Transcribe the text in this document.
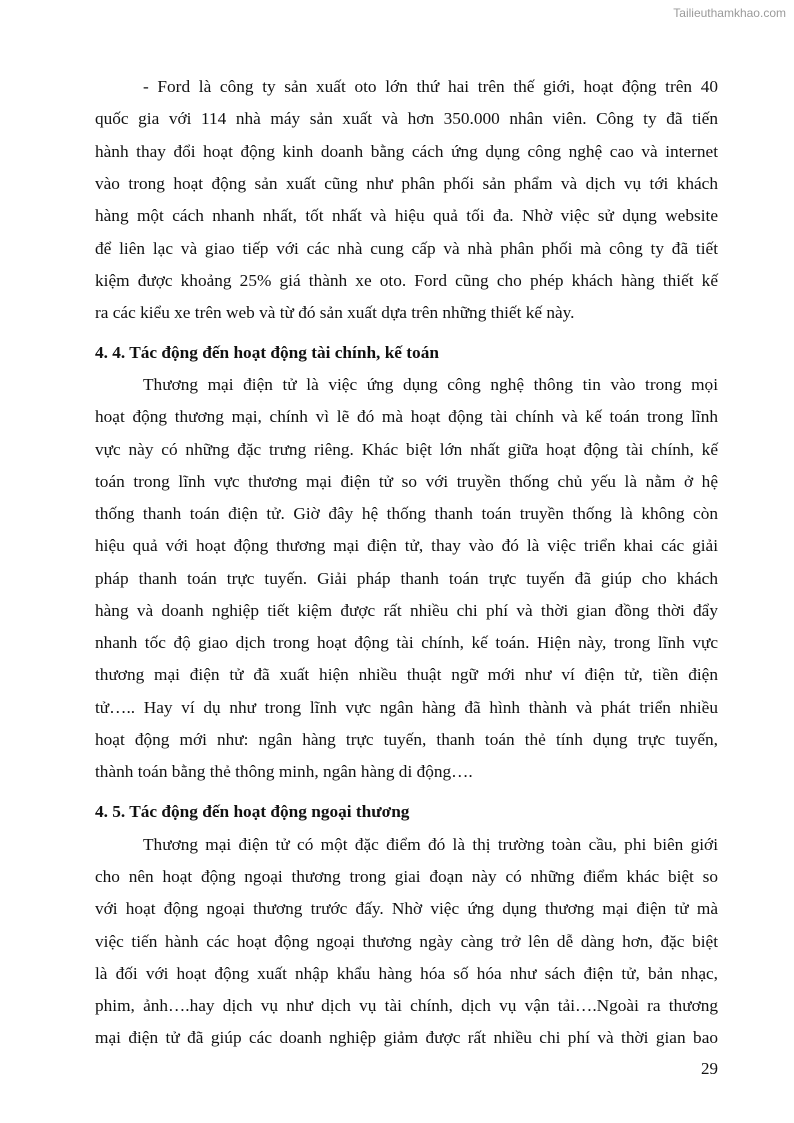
Tailieuthamkhao.com
- Ford là công ty sản xuất oto lớn thứ hai trên thế giới, hoạt động trên 40
quốc gia với 114 nhà máy sản xuất và hơn 350.000 nhân viên. Công ty đã tiến
hành thay đổi hoạt động kinh doanh bằng cách ứng dụng công nghệ cao và internet
vào trong hoạt động sản xuất cũng như phân phối sản phẩm và dịch vụ tới khách
hàng một cách nhanh nhất, tốt nhất và hiệu quả tối đa. Nhờ việc sử dụng website
để liên lạc và giao tiếp với các nhà cung cấp và nhà phân phối mà công ty đã tiết
kiệm được khoảng 25% giá thành xe oto. Ford cũng cho phép khách hàng thiết kế
ra các kiểu xe trên web và từ đó sản xuất dựa trên những thiết kế này.
4. 4. Tác động đến hoạt động tài chính, kế toán
Thương mại điện tử là việc ứng dụng công nghệ thông tin vào trong mọi
hoạt động thương mại, chính vì lẽ đó mà hoạt động tài chính và kế toán trong lĩnh
vực này có những đặc trưng riêng. Khác biệt lớn nhất giữa hoạt động tài chính, kế
toán trong lĩnh vực thương mại điện tử so với truyền thống chủ yếu là nằm ở hệ
thống thanh toán điện tử. Giờ đây hệ thống thanh toán truyền thống là không còn
hiệu quả với hoạt động thương mại điện tử, thay vào đó là việc triển khai các giải
pháp thanh toán trực tuyến. Giải pháp thanh toán trực tuyến đã giúp cho khách
hàng và doanh nghiệp tiết kiệm được rất nhiều chi phí và thời gian đồng thời đẩy
nhanh tốc độ giao dịch trong hoạt động tài chính, kế toán. Hiện này, trong lĩnh vực
thương mại điện tử đã xuất hiện nhiều thuật ngữ mới như ví điện tử, tiền điện
tử….. Hay ví dụ như trong lĩnh vực ngân hàng đã hình thành và phát triển nhiều
hoạt động mới như: ngân hàng trực tuyến, thanh toán thẻ tính dụng trực tuyến,
thành toán bằng thẻ thông minh, ngân hàng di động….
4. 5. Tác động đến hoạt động ngoại thương
Thương mại điện tử có một đặc điểm đó là thị trường toàn cầu, phi biên giới
cho nên hoạt động ngoại thương trong giai đoạn này có những điểm khác biệt so
với hoạt động ngoại thương trước đấy. Nhờ việc ứng dụng thương mại điện tử mà
việc tiến hành các hoạt động ngoại thương ngày càng trở lên dễ dàng hơn, đặc biệt
là đối với hoạt động xuất nhập khẩu hàng hóa số hóa như sách điện tử, bản nhạc,
phim, ảnh….hay dịch vụ như dịch vụ tài chính, dịch vụ vận tải….Ngoài ra thương
mại điện tử đã giúp các doanh nghiệp giảm được rất nhiều chi phí và thời gian bao
29
